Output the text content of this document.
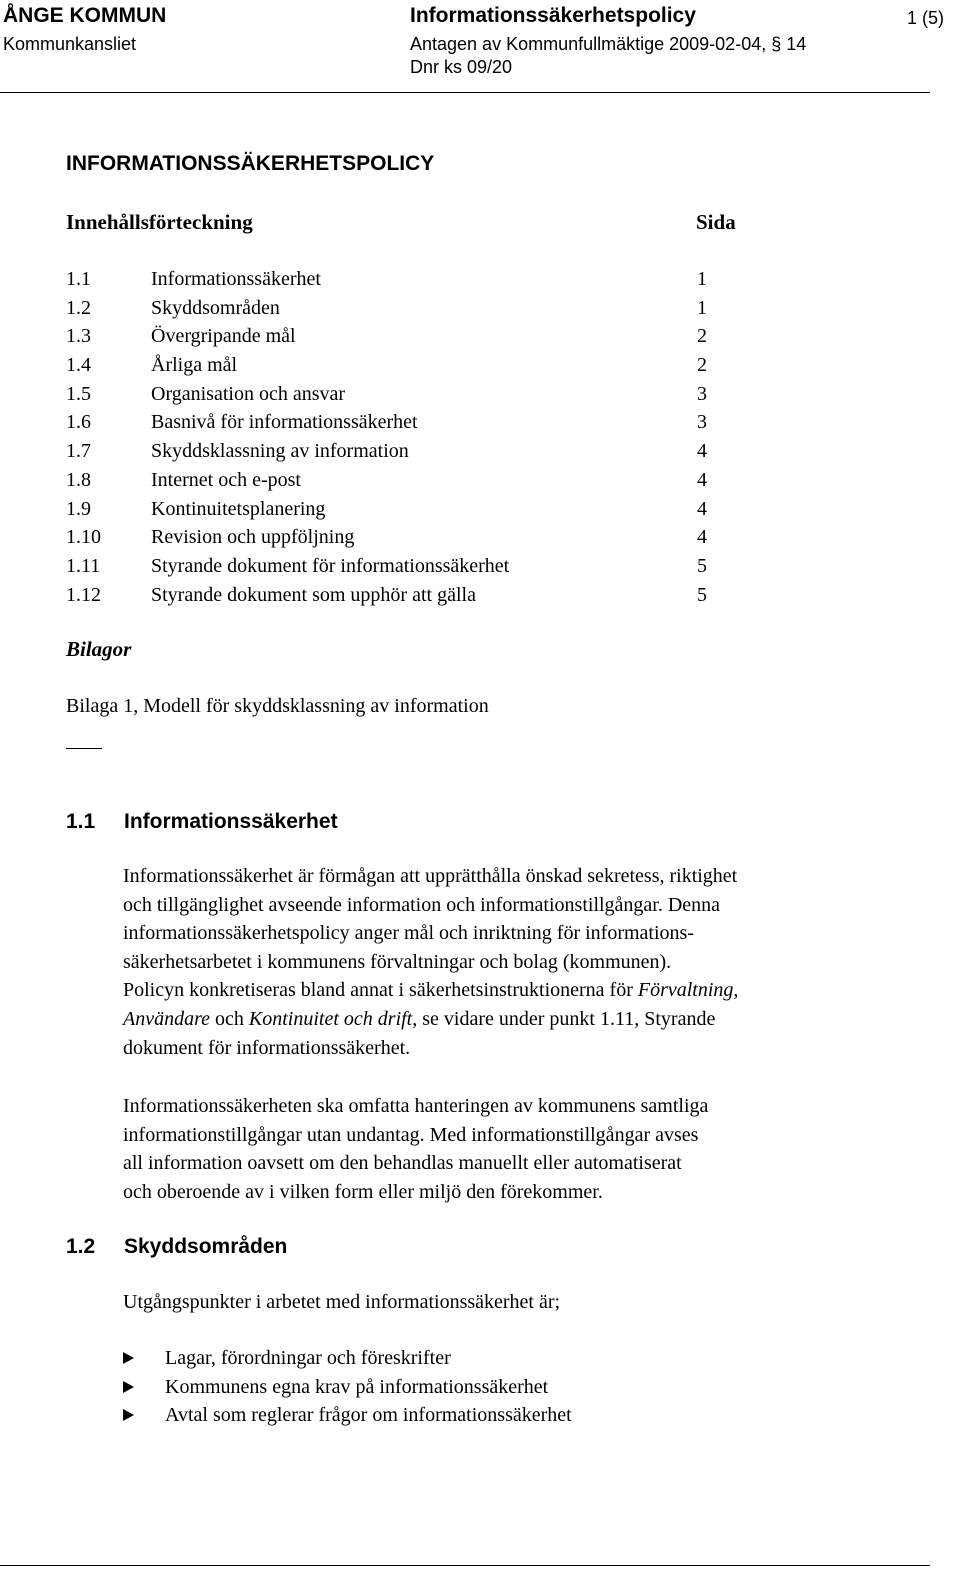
ÅNGE KOMMUN
Kommunkansliet
Informationssäkerhetspolicy
Antagen av Kommunfullmäktige 2009-02-04, § 14
Dnr ks 09/20
1 (5)
INFORMATIONSSÄKERHETSPOLICY
Innehållsförteckning	Sida
1.1	Informationssäkerhet	1
1.2	Skyddsområden	1
1.3	Övergripande mål	2
1.4	Årliga mål	2
1.5	Organisation och ansvar	3
1.6	Basnivå för informationssäkerhet	3
1.7	Skyddsklassning av information	4
1.8	Internet och e-post	4
1.9	Kontinuitetsplanering	4
1.10	Revision och uppföljning	4
1.11	Styrande dokument för informationssäkerhet	5
1.12	Styrande dokument som upphör att gälla	5
Bilagor
Bilaga 1, Modell för skyddsklassning av information
1.1 Informationssäkerhet

Informationssäkerhet är förmågan att upprätthålla önskad sekretess, riktighet

och tillgänglighet avseende information och informationstillgångar. Denna

informationssäkerhetspolicy anger mål och inriktning för informations-

säkerhetsarbetet i kommunens förvaltningar och bolag (kommunen).

Policyn konkretiseras bland annat i säkerhetsinstruktionerna för Förvaltning,

Användare och Kontinuitet och drift, se vidare under punkt 1.11, Styrande

dokument för informationssäkerhet.

Informationssäkerheten ska omfatta hanteringen av kommunens samtliga

informationstillgångar utan undantag. Med informationstillgångar avses

all information oavsett om den behandlas manuellt eller automatiserat

och oberoende av i vilken form eller miljö den förekommer.

1.2 Skyddsområden

Utgångspunkter i arbetet med informationssäkerhet är;

Lagar, förordningar och föreskrifter
Kommunens egna krav på informationssäkerhet
Avtal som reglerar frågor om informationssäkerhet
